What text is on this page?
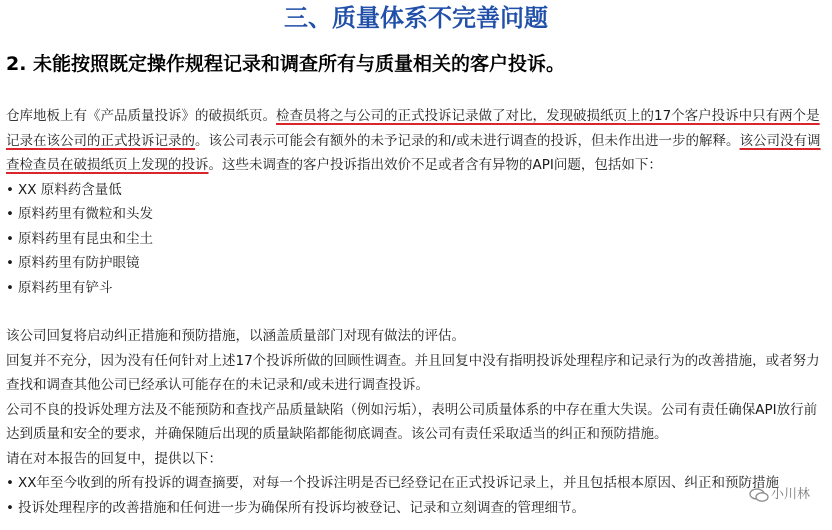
三、质量体系不完善问题
2. 未能按照既定操作规程记录和调查所有与质量相关的客户投诉。

仓库地板上有《产品质量投诉》的破损纸页。检查员将之与公司的正式投诉记录做了对比，发现破损纸页上的17个客户投诉中只有两个是记录在该公司的正式投诉记录的。该公司表示可能会有额外的未予记录的和/或未进行调查的投诉，但未作出进一步的解释。该公司没有调查检查员在破损纸页上发现的投诉。这些未调查的客户投诉指出效价不足或者含有异物的API问题，包括如下：

• XX 原料药含量低
• 原料药里有微粒和头发
• 原料药里有昆虫和尘土
• 原料药里有防护眼镜
• 原料药里有铲斗

该公司回复将启动纠正措施和预防措施，以涵盖质量部门对现有做法的评估。

回复并不充分，因为没有任何针对上述17个投诉所做的回顾性调查。并且回复中没有指明投诉处理程序和记录行为的改善措施，或者努力查找和调查其他公司已经承认可能存在的未记录和/或未进行调查投诉。

公司不良的投诉处理方法及不能预防和查找产品质量缺陷（例如污垢），表明公司质量体系的中存在重大失误。公司有责任确保API放行前达到质量和安全的要求，并确保随后出现的质量缺陷都能彻底调查。该公司有责任采取适当的纠正和预防措施。

请在对本报告的回复中，提供以下：

• XX年至今收到的所有投诉的调查摘要，对每一个投诉注明是否已经登记在正式投诉记录上，并且包括根本原因、纠正和预防措施
• 投诉处理程序的改善措施和任何进一步为确保所有投诉均被登记、记录和立刻调查的管理细节。
小川林
